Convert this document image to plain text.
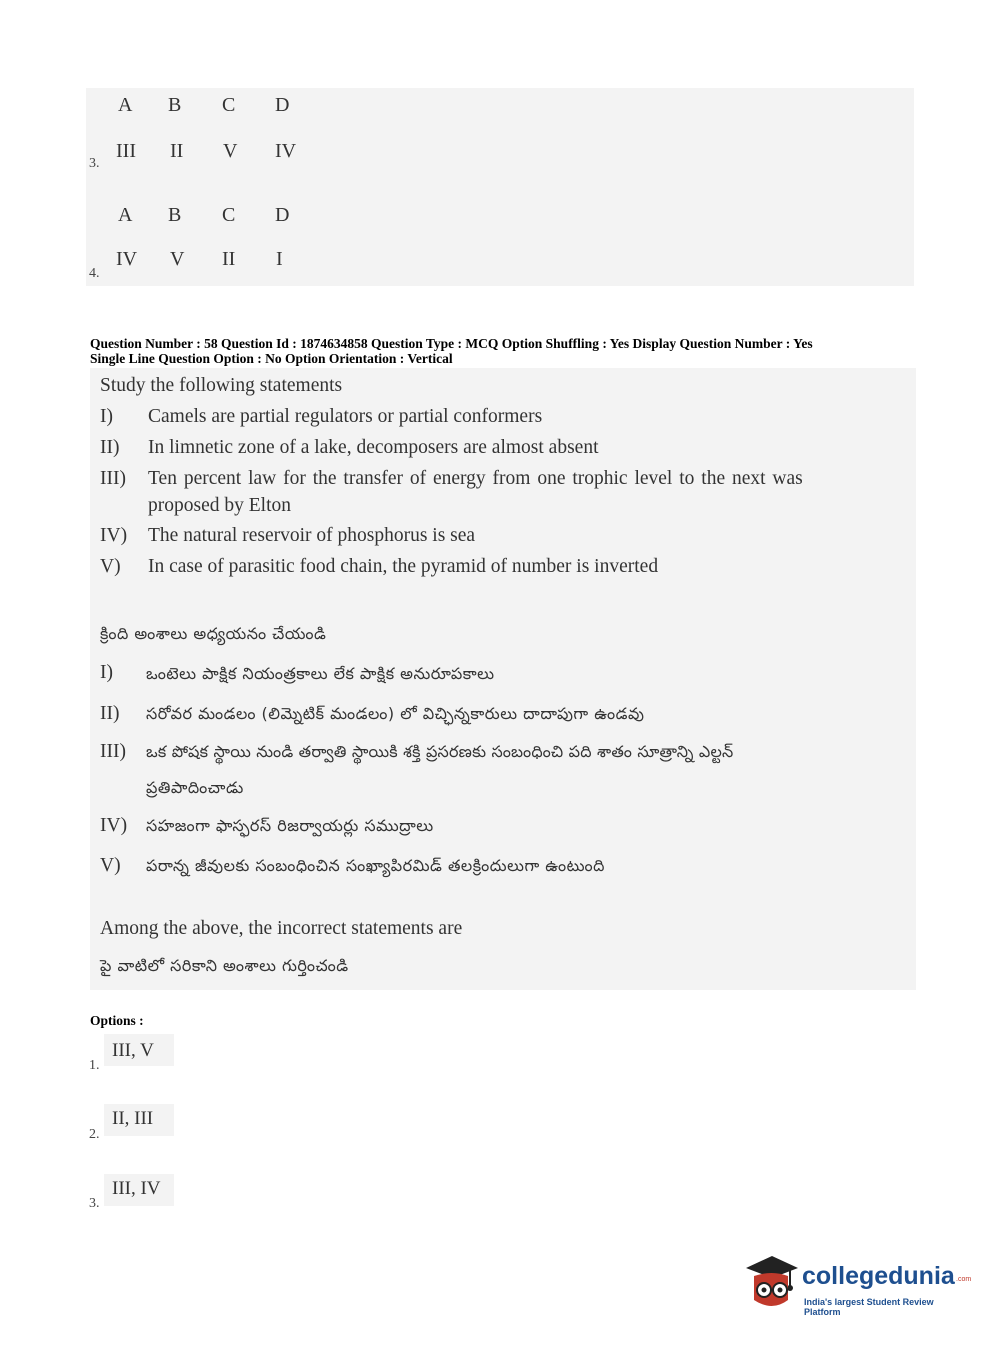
A B C D
III II V IV
3.
A B C D
IV V II I
4.
Question Number : 58 Question Id : 1874634858 Question Type : MCQ Option Shuffling : Yes Display Question Number : Yes
Single Line Question Option : No Option Orientation : Vertical
Study the following statements
I) Camels are partial regulators or partial conformers
II) In limnetic zone of a lake, decomposers are almost absent
III) Ten percent law for the transfer of energy from one trophic level to the next was
proposed by Elton
IV) The natural reservoir of phosphorus is sea
V) In case of parasitic food chain, the pyramid of number is inverted
క్రింది అంశాలు అధ్యయనం చేయండి
I) ఒంటెలు పాక్షిక నియంత్రకాలు లేక పాక్షిక అనురూపకాలు
II) సరోవర మండలం (లిమ్నెటిక్ మండలం) లో విచ్ఛిన్నకారులు దాదాపుగా ఉండవు
III) ఒక పోషక స్థాయి నుండి తర్వాతి స్థాయికి శక్తి ప్రసరణకు సంబంధించి పది శాతం సూత్రాన్ని ఎల్టన్
ప్రతిపాదించాడు
IV) సహజంగా ఫాస్ఫరస్ రిజర్వాయర్లు సముద్రాలు
V) పరాన్న జీవులకు సంబంధించిన సంఖ్యాపిరమిడ్ తలక్రిందులుగా ఉంటుంది
Among the above, the incorrect statements are
పై వాటిలో సరికాని అంశాలు గుర్తించండి
Options :
III, V
1.
II, III
2.
III, IV
3.
collegedunia .com
India's largest Student Review Platform
